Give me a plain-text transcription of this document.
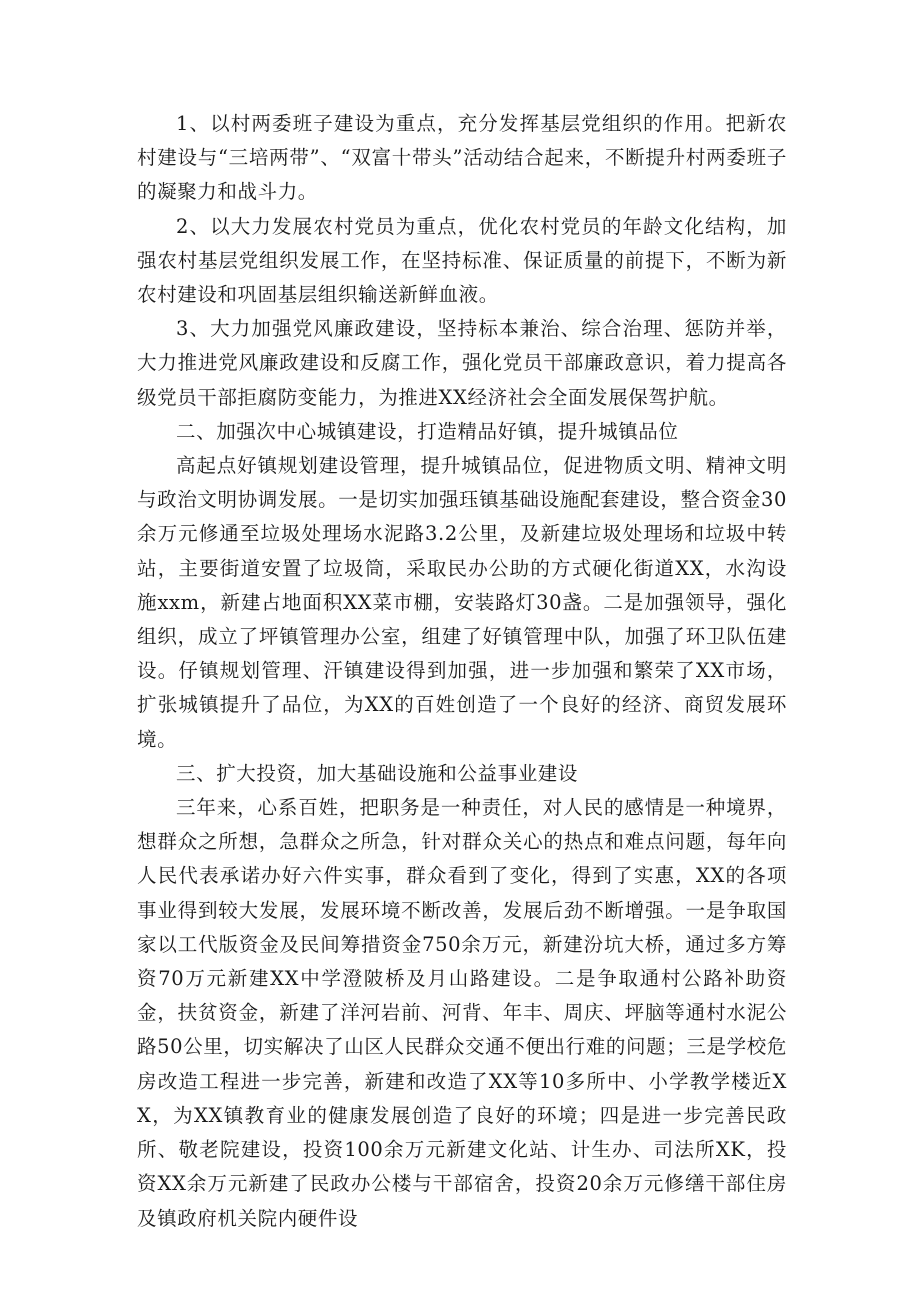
1、以村两委班子建设为重点，充分发挥基层党组织的作用。把新农村建设与“三培两带”、“双富十带头”活动结合起来，不断提升村两委班子的凝聚力和战斗力。

2、以大力发展农村党员为重点，优化农村党员的年龄文化结构，加强农村基层党组织发展工作，在坚持标准、保证质量的前提下，不断为新农村建设和巩固基层组织输送新鲜血液。

3、大力加强党风廉政建设，坚持标本兼治、综合治理、惩防并举，大力推进党风廉政建设和反腐工作，强化党员干部廉政意识，着力提高各级党员干部拒腐防变能力，为推进XX经济社会全面发展保驾护航。

二、加强次中心城镇建设，打造精品好镇，提升城镇品位

高起点好镇规划建设管理，提升城镇品位，促进物质文明、精神文明与政治文明协调发展。一是切实加强珏镇基础设施配套建设，整合资金30余万元修通至垃圾处理场水泥路3.2公里，及新建垃圾处理场和垃圾中转站，主要街道安置了垃圾筒，采取民办公助的方式硬化街道XX，水沟设施xxm，新建占地面积XX菜市棚，安装路灯30盏。二是加强领导，强化组织，成立了坪镇管理办公室，组建了好镇管理中队，加强了环卫队伍建设。仔镇规划管理、汗镇建设得到加强，进一步加强和繁荣了XX市场，扩张城镇提升了品位，为XX的百姓创造了一个良好的经济、商贸发展环境。

三、扩大投资，加大基础设施和公益事业建设

三年来，心系百姓，把职务是一种责任，对人民的感情是一种境界，想群众之所想，急群众之所急，针对群众关心的热点和难点问题，每年向人民代表承诺办好六件实事，群众看到了变化，得到了实惠，XX的各项事业得到较大发展，发展环境不断改善，发展后劲不断增强。一是争取国家以工代版资金及民间筹措资金750余万元，新建汾坑大桥，通过多方筹资70万元新建XX中学澄陂桥及月山路建设。二是争取通村公路补助资金，扶贫资金，新建了洋河岩前、河背、年丰、周庆、坪脑等通村水泥公路50公里，切实解决了山区人民群众交通不便出行难的问题；三是学校危房改造工程进一步完善，新建和改造了XX等10多所中、小学教学楼近XX，为XX镇教育业的健康发展创造了良好的环境；四是进一步完善民政所、敬老院建设，投资100余万元新建文化站、计生办、司法所XK，投资XX余万元新建了民政办公楼与干部宿舍，投资20余万元修缮干部住房及镇政府机关院内硬件设
